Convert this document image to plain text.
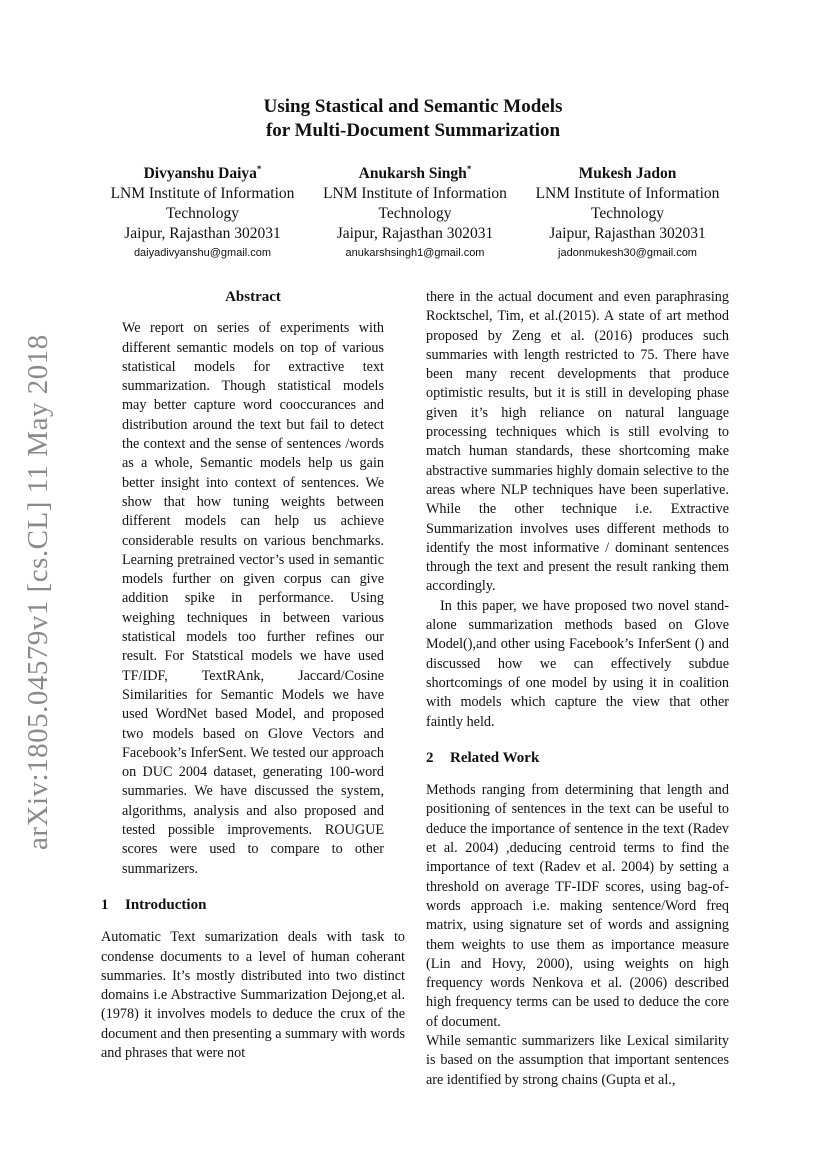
arXiv:1805.04579v1 [cs.CL] 11 May 2018
Using Stastical and Semantic Models
for Multi-Document Summarization
Divyanshu Daiya*
LNM Institute of Information
Technology
Jaipur, Rajasthan 302031
daiyadivyanshu@gmail.com
Anukarsh Singh*
LNM Institute of Information
Technology
Jaipur, Rajasthan 302031
anukarshsingh1@gmail.com
Mukesh Jadon
LNM Institute of Information
Technology
Jaipur, Rajasthan 302031
jadonmukesh30@gmail.com
Abstract

We report on series of experiments with different semantic models on top of various statistical models for extractive text summarization. Though statistical models may better capture word cooccurances and distribution around the text but fail to detect the context and the sense of sentences /words as a whole, Semantic models help us gain better insight into context of sentences. We show that how tuning weights between different models can help us achieve considerable results on various benchmarks. Learning pretrained vector’s used in semantic models further on given corpus can give addition spike in performance. Using weighing techniques in between various statistical models too further refines our result. For Statstical models we have used TF/IDF, TextRAnk, Jaccard/Cosine Similarities for Semantic Models we have used WordNet based Model, and proposed two models based on Glove Vectors and Facebook’s InferSent. We tested our approach on DUC 2004 dataset, generating 100-word summaries. We have discussed the system, algorithms, analysis and also proposed and tested possible improvements. ROUGUE scores were used to compare to other summarizers.

1 Introduction

Automatic Text sumarization deals with task to condense documents to a level of human coherant summaries. It’s mostly distributed into two distinct domains i.e Abstractive Summarization Dejong,et al. (1978) it involves models to deduce the crux of the document and then presenting a summary with words and phrases that were not

there in the actual document and even paraphrasing Rocktschel, Tim, et al.(2015). A state of art method proposed by Zeng et al. (2016) produces such summaries with length restricted to 75. There have been many recent developments that produce optimistic results, but it is still in developing phase given it’s high reliance on natural language processing techniques which is still evolving to match human standards, these shortcoming make abstractive summaries highly domain selective to the areas where NLP techniques have been superlative. While the other technique i.e. Extractive Summarization involves uses different methods to identify the most informative / dominant sentences through the text and present the result ranking them accordingly.

In this paper, we have proposed two novel stand-alone summarization methods based on Glove Model(),and other using Facebook’s InferSent () and discussed how we can effectively subdue shortcomings of one model by using it in coalition with models which capture the view that other faintly held.

2 Related Work

Methods ranging from determining that length and positioning of sentences in the text can be useful to deduce the importance of sentence in the text (Radev et al. 2004) ,deducing centroid terms to find the importance of text (Radev et al. 2004) by setting a threshold on average TF-IDF scores, using bag-of-words approach i.e. making sentence/Word freq matrix, using signature set of words and assigning them weights to use them as importance measure (Lin and Hovy, 2000), using weights on high frequency words Nenkova et al. (2006) described high frequency terms can be used to deduce the core of document.

While semantic summarizers like Lexical similarity is based on the assumption that important sentences are identified by strong chains (Gupta et al.,
